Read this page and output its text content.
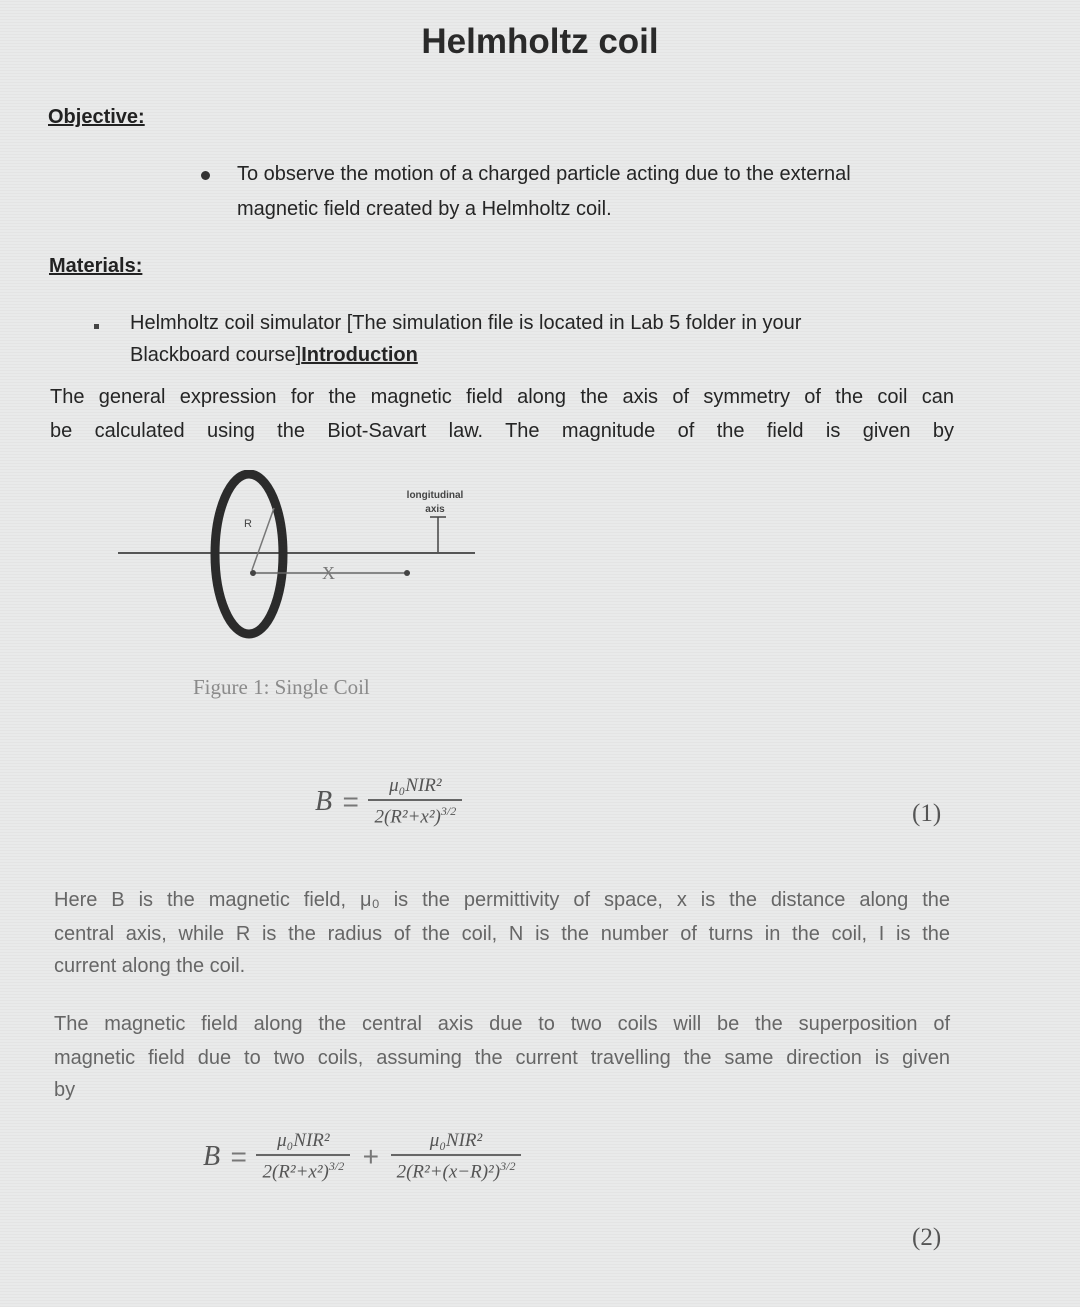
Helmholtz coil
Objective:
To observe the motion of a charged particle acting due to the external
magnetic field created by a Helmholtz coil.
Materials:
Helmholtz coil simulator [The simulation file is located in Lab 5 folder in your
Blackboard course]Introduction
The general expression for the magnetic field along the axis of symmetry of the coil can
be calculated using the Biot-Savart law. The magnitude of the field is given by
R
X
longitudinal
axis
Figure 1: Single Coil
$B = \frac{\text{μ₀NIR²}}{2(R^2+x^2)^{3/2}}$	(1)
Here B is the magnetic field, μ₀ is the permittivity of space, x is the distance along the
central axis, while R is the radius of the coil, N is the number of turns in the coil, I is the
current along the coil.
The magnetic field along the central axis due to two coils will be the superposition of
magnetic field due to two coils, assuming the current travelling the same direction is given
by
$B = \frac{\text{μ₀NIR²}}{2(R^2+x^2)^{3/2}} + \frac{\text{μ₀NIR²}}{2(R^2+(x-R)^2)^{3/2}}$
(2)
